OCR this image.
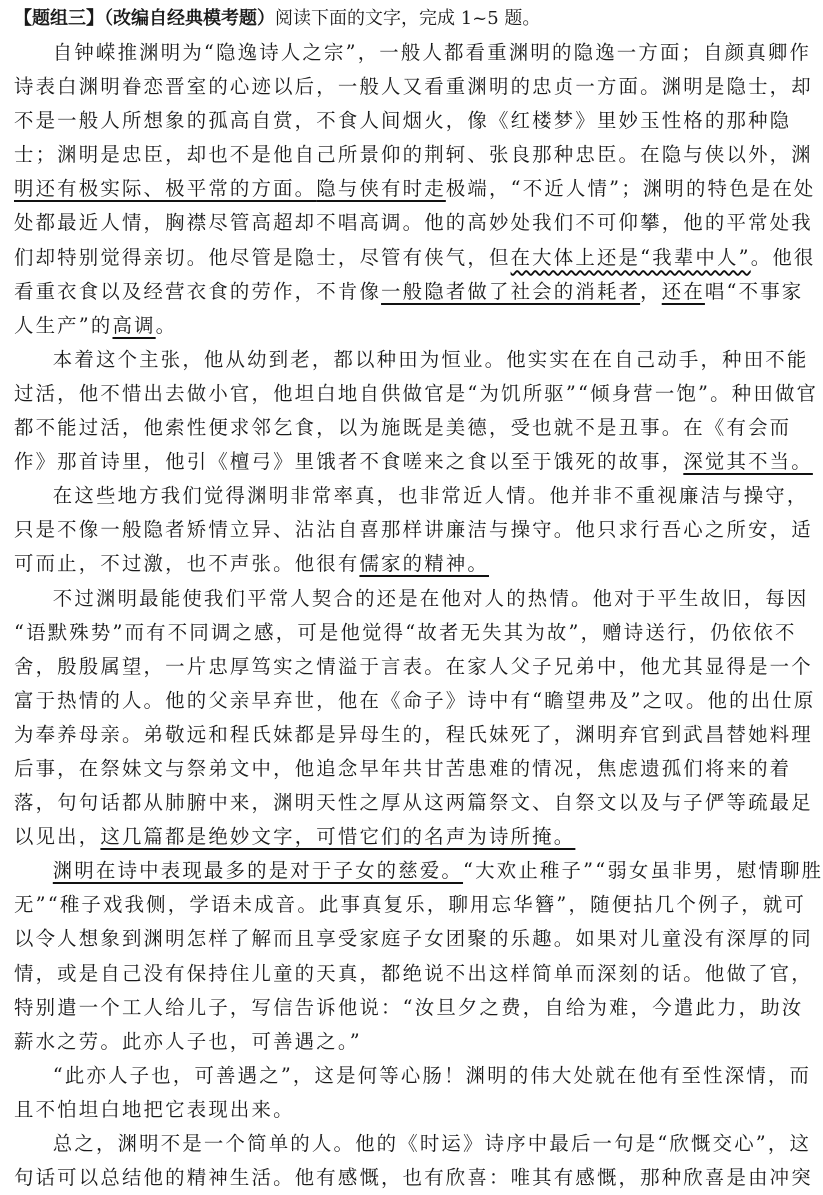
【题组三】（改编自经典模考题）阅读下面的文字，完成 1~5 题。

自钟嵘推渊明为“隐逸诗人之宗”，一般人都看重渊明的隐逸一方面；自颜真卿作
诗表白渊明眷恋晋室的心迹以后，一般人又看重渊明的忠贞一方面。渊明是隐士，却
不是一般人所想象的孤高自赏，不食人间烟火，像《红楼梦》里妙玉性格的那种隐
士；渊明是忠臣，却也不是他自己所景仰的荆轲、张良那种忠臣。在隐与侠以外，渊
明还有极实际、极平常的方面。隐与侠有时走极端，“不近人情”；渊明的特色是在处
处都最近人情，胸襟尽管高超却不唱高调。他的高妙处我们不可仰攀，他的平常处我
们却特别觉得亲切。他尽管是隐士，尽管有侠气，但在大体上还是“我辈中人”。他很
看重衣食以及经营衣食的劳作，不肯像一般隐者做了社会的消耗者，还在唱“不事家
人生产”的高调。

本着这个主张，他从幼到老，都以种田为恒业。他实实在在自己动手，种田不能
过活，他不惜出去做小官，他坦白地自供做官是“为饥所驱”“倾身营一饱”。种田做官
都不能过活，他索性便求邻乞食，以为施既是美德，受也就不是丑事。在《有会而
作》那首诗里，他引《檀弓》里饿者不食嗟来之食以至于饿死的故事，深觉其不当。

在这些地方我们觉得渊明非常率真，也非常近人情。他并非不重视廉洁与操守，
只是不像一般隐者矫情立异、沾沾自喜那样讲廉洁与操守。他只求行吾心之所安，适
可而止，不过激，也不声张。他很有儒家的精神。

不过渊明最能使我们平常人契合的还是在他对人的热情。他对于平生故旧，每因
“语默殊势”而有不同调之感，可是他觉得“故者无失其为故”，赠诗送行，仍依依不
舍，殷殷属望，一片忠厚笃实之情溢于言表。在家人父子兄弟中，他尤其显得是一个
富于热情的人。他的父亲早弃世，他在《命子》诗中有“瞻望弗及”之叹。他的出仕原
为奉养母亲。弟敬远和程氏妹都是异母生的，程氏妹死了，渊明弃官到武昌替她料理
后事，在祭妹文与祭弟文中，他追念早年共甘苦患难的情况，焦虑遗孤们将来的着
落，句句话都从肺腑中来，渊明天性之厚从这两篇祭文、自祭文以及与子俨等疏最足
以见出，这几篇都是绝妙文字，可惜它们的名声为诗所掩。

渊明在诗中表现最多的是对于子女的慈爱。“大欢止稚子”“弱女虽非男，慰情聊胜
无”“稚子戏我侧，学语未成音。此事真复乐，聊用忘华簪”，随便拈几个例子，就可
以令人想象到渊明怎样了解而且享受家庭子女团聚的乐趣。如果对儿童没有深厚的同
情，或是自己没有保持住儿童的天真，都绝说不出这样简单而深刻的话。他做了官，
特别遣一个工人给儿子，写信告诉他说：“汝旦夕之费，自给为难，今遣此力，助汝
薪水之劳。此亦人子也，可善遇之。”

“此亦人子也，可善遇之”，这是何等心肠！渊明的伟大处就在他有至性深情，而
且不怕坦白地把它表现出来。

总之，渊明不是一个简单的人。他的《时运》诗序中最后一句是“欣慨交心”，这
句话可以总结他的精神生活。他有感慨，也有欣喜：唯其有感慨，那种欣喜是由冲突
